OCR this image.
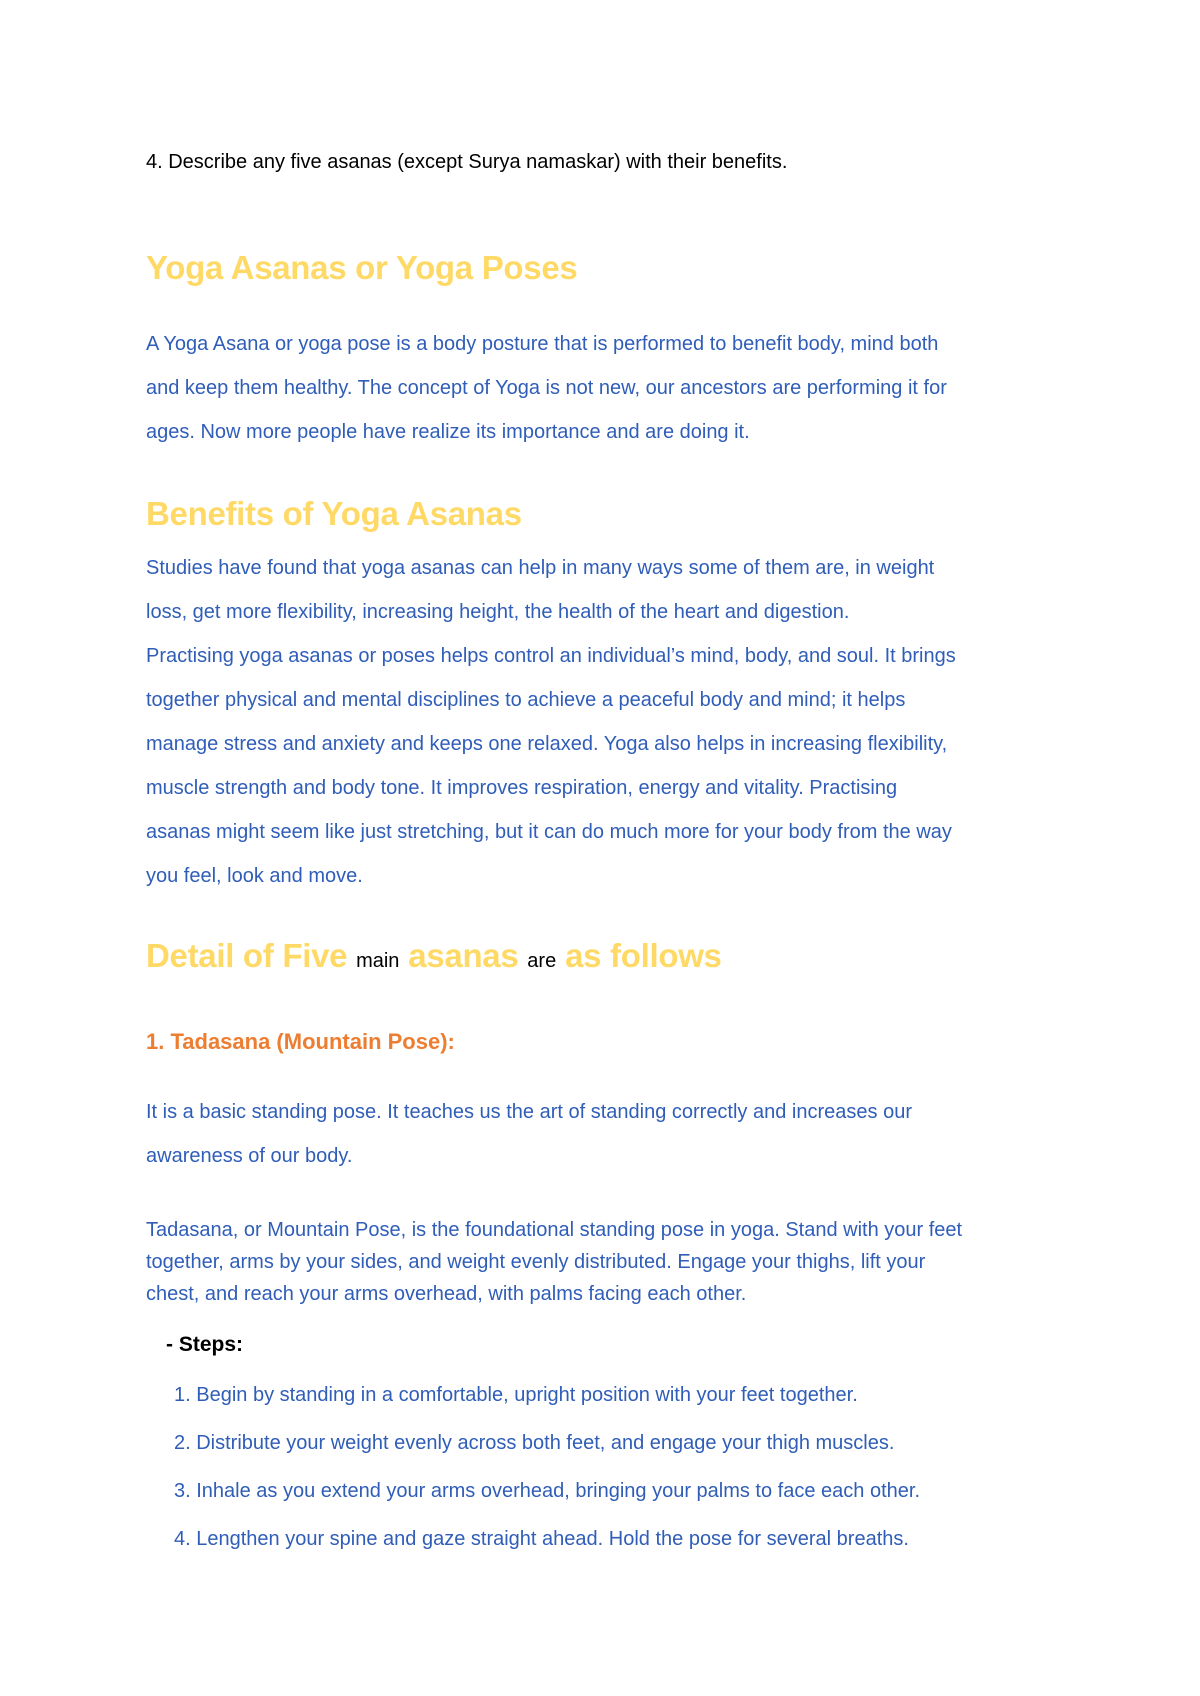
4. Describe any five asanas (except Surya namaskar) with their benefits.
Yoga Asanas or Yoga Poses
A Yoga Asana or yoga pose is a body posture that is performed to benefit body, mind both
and keep them healthy. The concept of Yoga is not new, our ancestors are performing it for
ages. Now more people have realize its importance and are doing it.
Benefits of Yoga Asanas
Studies have found that yoga asanas can help in many ways some of them are, in weight
loss, get more flexibility, increasing height, the health of the heart and digestion.
Practising yoga asanas or poses helps control an individual’s mind, body, and soul. It brings
together physical and mental disciplines to achieve a peaceful body and mind; it helps
manage stress and anxiety and keeps one relaxed. Yoga also helps in increasing flexibility,
muscle strength and body tone. It improves respiration, energy and vitality. Practising
asanas might seem like just stretching, but it can do much more for your body from the way
you feel, look and move.
Detail of Five main asanas are as follows
1. Tadasana (Mountain Pose):
It is a basic standing pose. It teaches us the art of standing correctly and increases our
awareness of our body.
Tadasana, or Mountain Pose, is the foundational standing pose in yoga. Stand with your feet
together, arms by your sides, and weight evenly distributed. Engage your thighs, lift your
chest, and reach your arms overhead, with palms facing each other.
- Steps:
1. Begin by standing in a comfortable, upright position with your feet together.
2. Distribute your weight evenly across both feet, and engage your thigh muscles.
3. Inhale as you extend your arms overhead, bringing your palms to face each other.
4. Lengthen your spine and gaze straight ahead. Hold the pose for several breaths.
